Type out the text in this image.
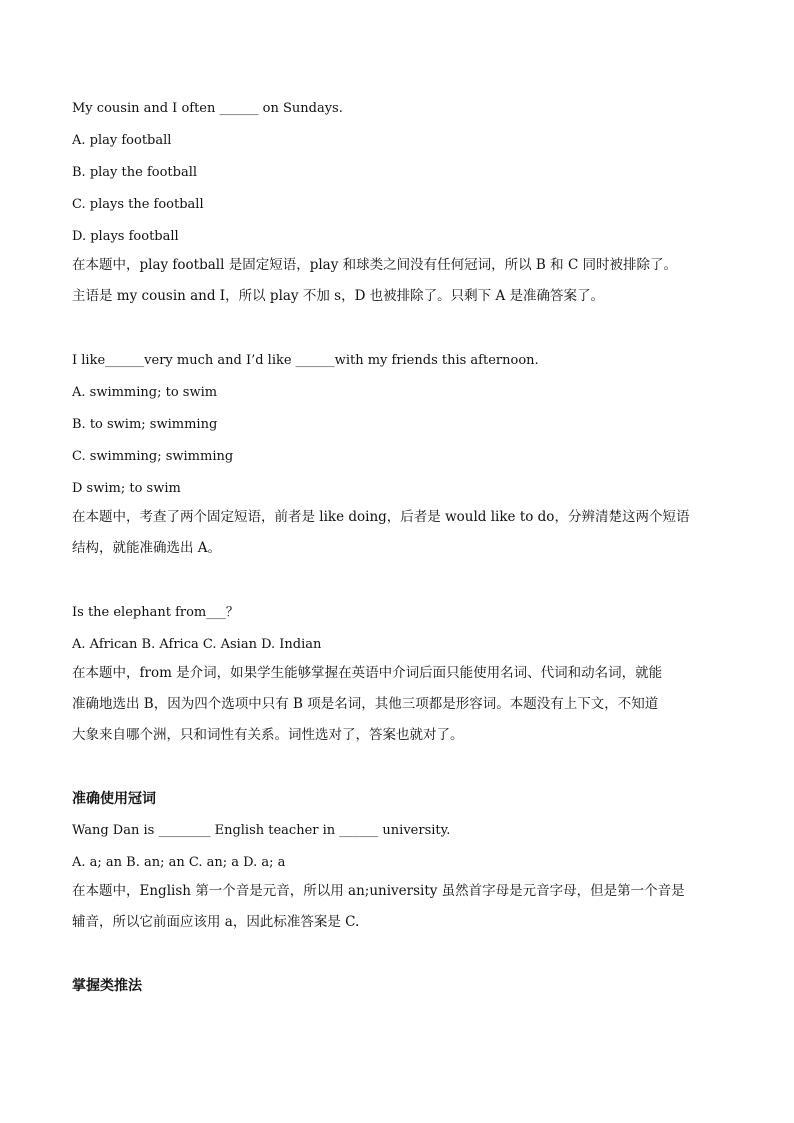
My cousin and I often ______ on Sundays.

A. play football

B. play the football

C. plays the football

D. plays football

在本题中，play football 是固定短语，play 和球类之间没有任何冠词，所以 B 和 C 同时被排除了。

主语是 my cousin and I，所以 play 不加 s，D 也被排除了。只剩下 A 是准确答案了。

I like______very much and I’d like ______with my friends this afternoon.

A. swimming; to swim

B. to swim; swimming

C. swimming; swimming

D swim; to swim

在本题中，考查了两个固定短语，前者是 like doing，后者是 would like to do，分辨清楚这两个短语

结构，就能准确选出 A。

Is the elephant from___？

A. African B. Africa C. Asian D. Indian

在本题中，from 是介词，如果学生能够掌握在英语中介词后面只能使用名词、代词和动名词，就能

准确地选出 B，因为四个选项中只有 B 项是名词，其他三项都是形容词。本题没有上下文，不知道

大象来自哪个洲，只和词性有关系。词性选对了，答案也就对了。

准确使用冠词

Wang Dan is ________ English teacher in ______ university.

A. a; an B. an; an C. an; a D. a; a

在本题中，English 第一个音是元音，所以用 an;university 虽然首字母是元音字母，但是第一个音是

辅音，所以它前面应该用 a，因此标准答案是 C.

掌握类推法
